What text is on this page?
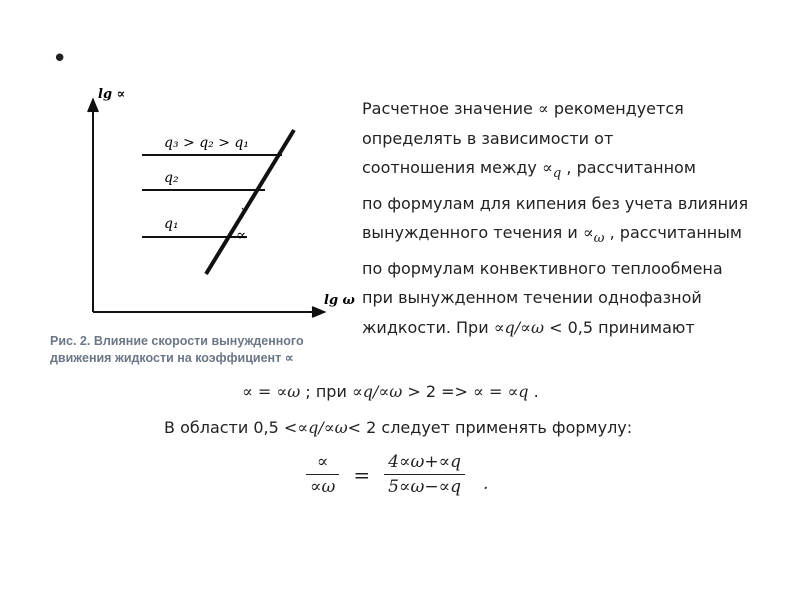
•
lg ∝
lg ω
q₃ > q₂ > q₁
q₂
q₁
∝
Рис. 2. Влияние скорости вынужденного
движения жидкости на коэффициент ∝
Расчетное значение ∝ рекомендуется
определять в зависимости от
соотношения между $\propto_q$ , рассчитанном
по формулам для кипения без учета влияния
вынужденного течения $и \propto_\omega$ , рассчитанным
по формулам конвективного теплообмена
при вынужденном течении однофазной
жидкости. При ∝q/∝ω < 0,5 принимают
∝ = ∝ω ; при ∝q/∝ω > 2 => ∝ = ∝q .
В области 0,5 <∝q/∝ω< 2 следует применять формулу:
$\frac{\propto}{\propto\omega} = \frac{4\propto\omega+\propto q}{5\propto\omega-\propto q}$ .
